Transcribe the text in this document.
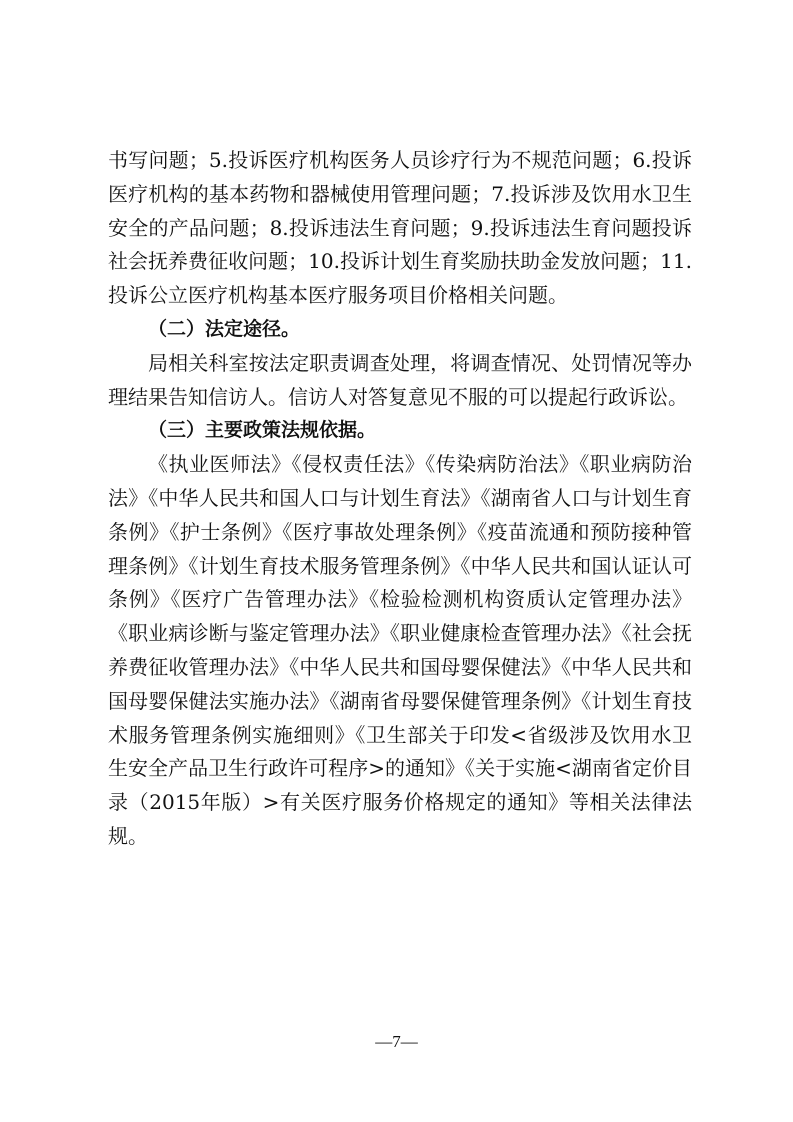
书写问题；5.投诉医疗机构医务人员诊疗行为不规范问题；6.投诉医疗机构的基本药物和器械使用管理问题；7.投诉涉及饮用水卫生安全的产品问题；8.投诉违法生育问题；9.投诉违法生育问题投诉社会抚养费征收问题；10.投诉计划生育奖励扶助金发放问题；11.投诉公立医疗机构基本医疗服务项目价格相关问题。

（二）法定途径。

局相关科室按法定职责调查处理，将调查情况、处罚情况等办理结果告知信访人。信访人对答复意见不服的可以提起行政诉讼。

（三）主要政策法规依据。

《执业医师法》《侵权责任法》《传染病防治法》《职业病防治法》《中华人民共和国人口与计划生育法》《湖南省人口与计划生育条例》《护士条例》《医疗事故处理条例》《疫苗流通和预防接种管理条例》《计划生育技术服务管理条例》《中华人民共和国认证认可条例》《医疗广告管理办法》《检验检测机构资质认定管理办法》《职业病诊断与鉴定管理办法》《职业健康检查管理办法》《社会抚养费征收管理办法》《中华人民共和国母婴保健法》《中华人民共和国母婴保健法实施办法》《湖南省母婴保健管理条例》《计划生育技术服务管理条例实施细则》《卫生部关于印发<省级涉及饮用水卫生安全产品卫生行政许可程序>的通知》《关于实施<湖南省定价目录（2015年版）>有关医疗服务价格规定的通知》等相关法律法规。

—7—
